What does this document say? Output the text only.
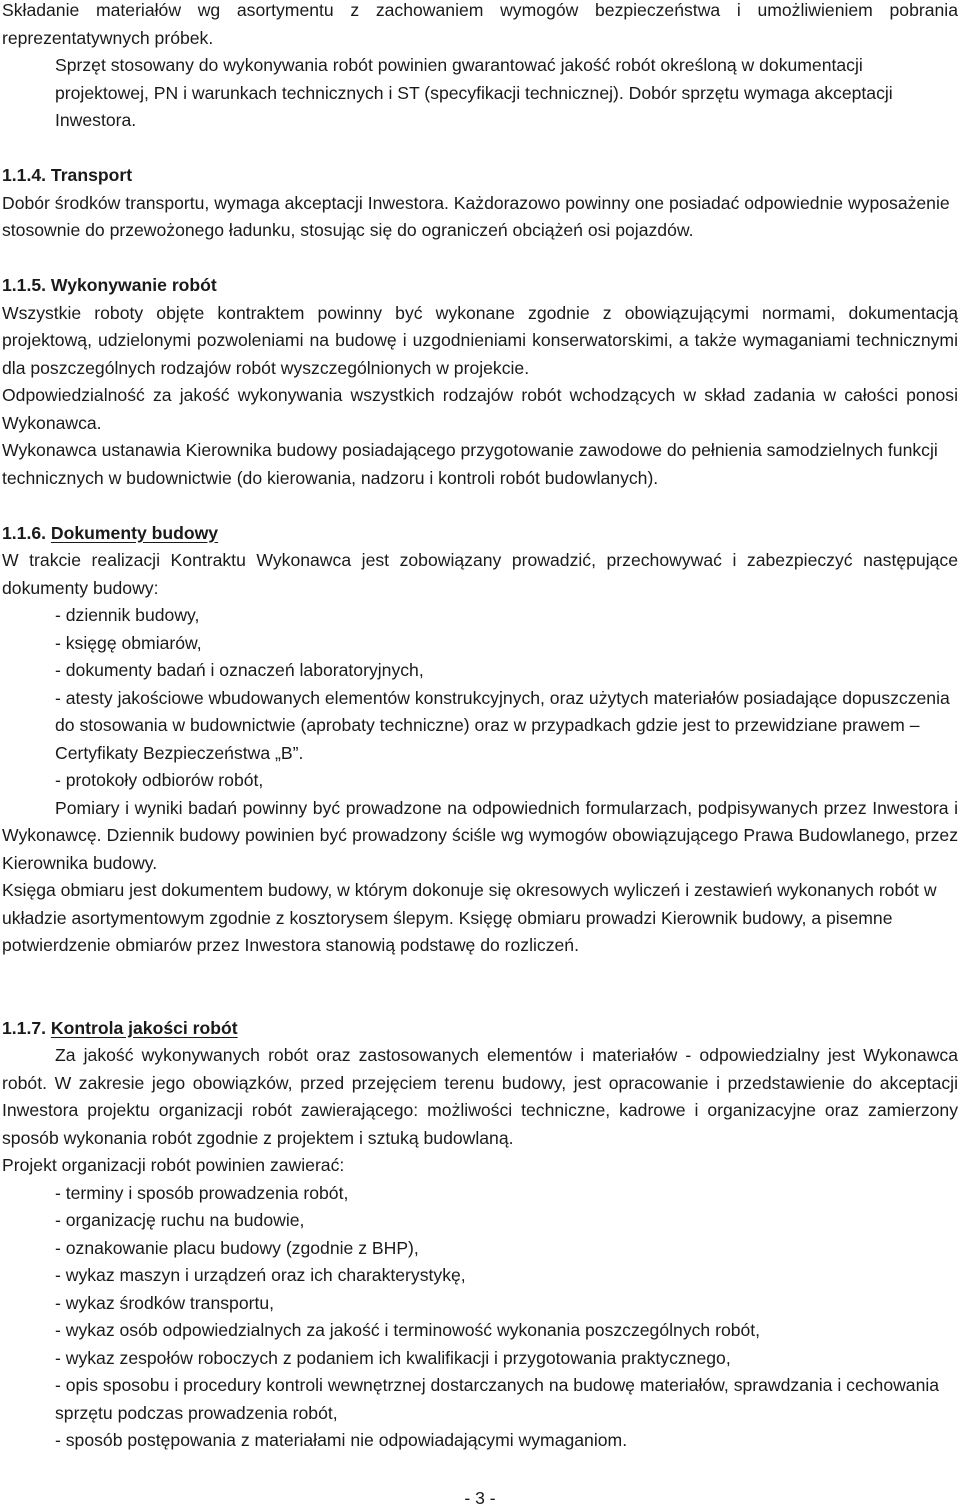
Składanie materiałów wg asortymentu z zachowaniem wymogów bezpieczeństwa i umożliwieniem pobrania reprezentatywnych próbek.

Sprzęt stosowany do wykonywania robót powinien gwarantować jakość robót określoną w dokumentacji projektowej, PN i warunkach technicznych i ST (specyfikacji technicznej). Dobór sprzętu wymaga akceptacji Inwestora.

1.1.4. Transport

Dobór środków transportu, wymaga akceptacji Inwestora. Każdorazowo powinny one posiadać odpowiednie wyposażenie stosownie do przewożonego ładunku, stosując się do ograniczeń obciążeń osi pojazdów.

1.1.5. Wykonywanie robót

Wszystkie roboty objęte kontraktem powinny być wykonane zgodnie z obowiązującymi normami, dokumentacją projektową, udzielonymi pozwoleniami na budowę i uzgodnieniami konserwatorskimi, a także wymaganiami technicznymi dla poszczególnych rodzajów robót wyszczególnionych w projekcie.

Odpowiedzialność za jakość wykonywania wszystkich rodzajów robót wchodzących w skład zadania w całości ponosi Wykonawca.

Wykonawca ustanawia Kierownika budowy posiadającego przygotowanie zawodowe do pełnienia samodzielnych funkcji technicznych w budownictwie (do kierowania, nadzoru i kontroli robót budowlanych).

1.1.6. Dokumenty budowy

W trakcie realizacji Kontraktu Wykonawca jest zobowiązany prowadzić, przechowywać i zabezpieczyć następujące dokumenty budowy:

- dziennik budowy,

- księgę obmiarów,

- dokumenty badań i oznaczeń laboratoryjnych,

- atesty jakościowe wbudowanych elementów konstrukcyjnych, oraz użytych materiałów posiadające dopuszczenia do stosowania w budownictwie (aprobaty techniczne) oraz w przypadkach gdzie jest to przewidziane prawem – Certyfikaty Bezpieczeństwa „B”.

- protokoły odbiorów robót,

Pomiary i wyniki badań powinny być prowadzone na odpowiednich formularzach, podpisywanych przez Inwestora i Wykonawcę. Dziennik budowy powinien być prowadzony ściśle wg wymogów obowiązującego Prawa Budowlanego, przez Kierownika budowy.

Księga obmiaru jest dokumentem budowy, w którym dokonuje się okresowych wyliczeń i zestawień wykonanych robót w układzie asortymentowym zgodnie z kosztorysem ślepym. Księgę obmiaru prowadzi Kierownik budowy, a pisemne potwierdzenie obmiarów przez Inwestora stanowią podstawę do rozliczeń.

1.1.7. Kontrola jakości robót

Za jakość wykonywanych robót oraz zastosowanych elementów i materiałów - odpowiedzialny jest Wykonawca robót. W zakresie jego obowiązków, przed przejęciem terenu budowy, jest opracowanie i przedstawienie do akceptacji Inwestora projektu organizacji robót zawierającego: możliwości techniczne, kadrowe i organizacyjne oraz zamierzony sposób wykonania robót zgodnie z projektem i sztuką budowlaną.

Projekt organizacji robót powinien zawierać:

- terminy i sposób prowadzenia robót,

- organizację ruchu na budowie,

- oznakowanie placu budowy (zgodnie z BHP),

- wykaz maszyn i urządzeń oraz ich charakterystykę,

- wykaz środków transportu,

- wykaz osób odpowiedzialnych za jakość i terminowość wykonania poszczególnych robót,

- wykaz zespołów roboczych z podaniem ich kwalifikacji i przygotowania praktycznego,

- opis sposobu i procedury kontroli wewnętrznej dostarczanych na budowę materiałów, sprawdzania i cechowania sprzętu podczas prowadzenia robót,

- sposób postępowania z materiałami nie odpowiadającymi wymaganiom.

- 3 -
